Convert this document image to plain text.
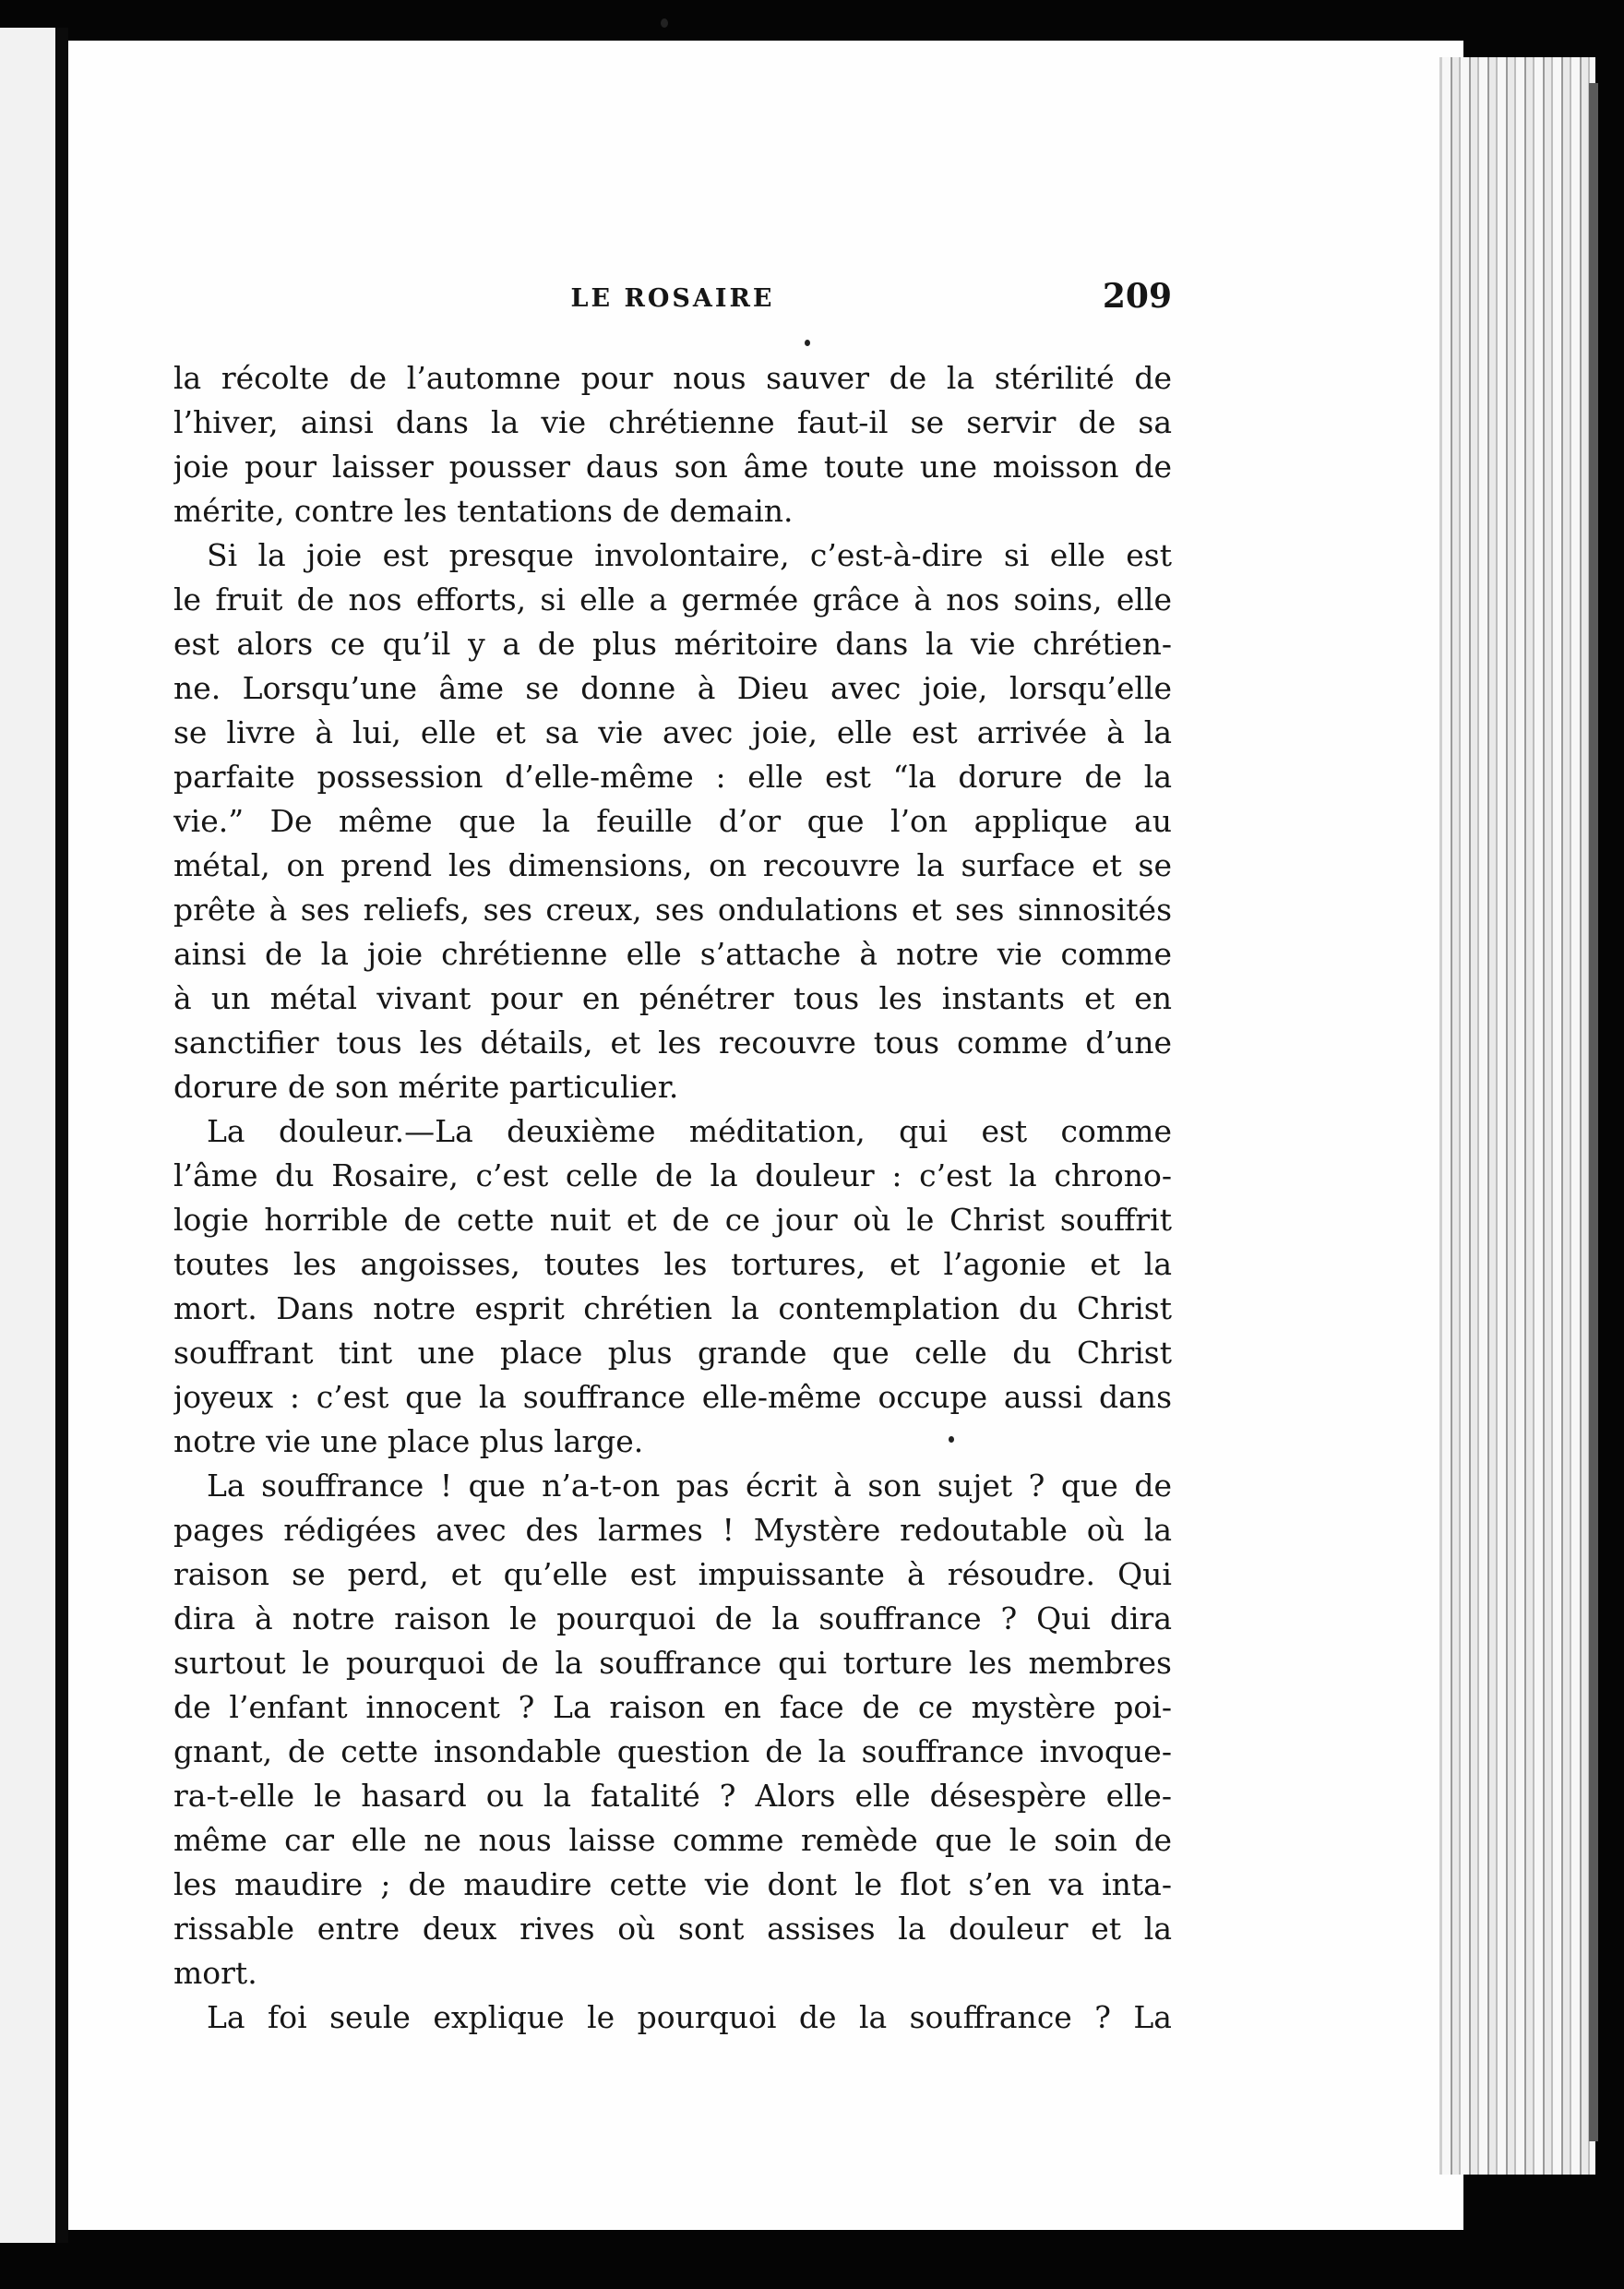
LE ROSAIRE	209
la récolte de l’automne pour nous sauver de la stérilité de
l’hiver, ainsi dans la vie chrétienne faut-il se servir de sa
joie pour laisser pousser daus son âme toute une moisson de
mérite, contre les tentations de demain.
Si la joie est presque involontaire, c’est-à-dire si elle est
le fruit de nos efforts, si elle a germée grâce à nos soins, elle
est alors ce qu’il y a de plus méritoire dans la vie chrétien-
ne. Lorsqu’une âme se donne à Dieu avec joie, lorsqu’elle
se livre à lui, elle et sa vie avec joie, elle est arrivée à la
parfaite possession d’elle-même : elle est “la dorure de la
vie.” De même que la feuille d’or que l’on applique au
métal, on prend les dimensions, on recouvre la surface et se
prête à ses reliefs, ses creux, ses ondulations et ses sinnosités
ainsi de la joie chrétienne elle s’attache à notre vie comme
à un métal vivant pour en pénétrer tous les instants et en
sanctifier tous les détails, et les recouvre tous comme d’une
dorure de son mérite particulier.
La douleur.—La deuxième méditation, qui est comme
l’âme du Rosaire, c’est celle de la douleur : c’est la chrono-
logie horrible de cette nuit et de ce jour où le Christ souffrit
toutes les angoisses, toutes les tortures, et l’agonie et la
mort. Dans notre esprit chrétien la contemplation du Christ
souffrant tint une place plus grande que celle du Christ
joyeux : c’est que la souffrance elle-même occupe aussi dans
notre vie une place plus large.
La souffrance ! que n’a-t-on pas écrit à son sujet ? que de
pages rédigées avec des larmes ! Mystère redoutable où la
raison se perd, et qu’elle est impuissante à résoudre. Qui
dira à notre raison le pourquoi de la souffrance ? Qui dira
surtout le pourquoi de la souffrance qui torture les membres
de l’enfant innocent ? La raison en face de ce mystère poi-
gnant, de cette insondable question de la souffrance invoque-
ra-t-elle le hasard ou la fatalité ? Alors elle désespère elle-
même car elle ne nous laisse comme remède que le soin de
les maudire ; de maudire cette vie dont le flot s’en va inta-
rissable entre deux rives où sont assises la douleur et la
mort.
La foi seule explique le pourquoi de la souffrance ? La
